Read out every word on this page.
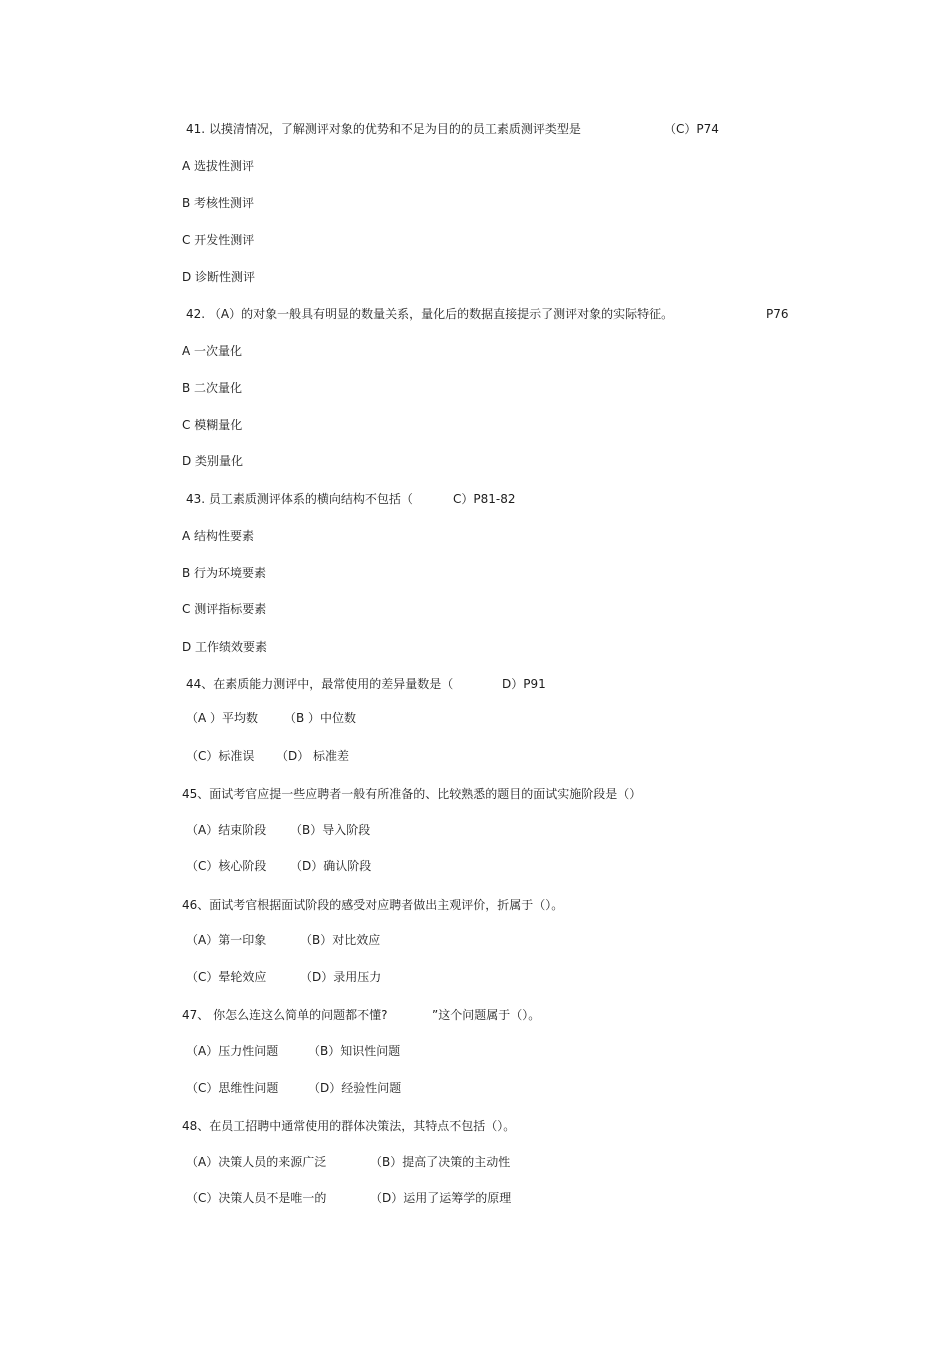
41. 以摸清情况，了解测评对象的优势和不足为目的的员工素质测评类型是	（C）P74
A 选拔性测评
B 考核性测评
C 开发性测评
D 诊断性测评
42. （A）的对象一般具有明显的数量关系，量化后的数据直接提示了测评对象的实际特征。	P76
A 一次量化
B 二次量化
C 模糊量化
D 类别量化
43. 员工素质测评体系的横向结构不包括（	C）P81-82
A 结构性要素
B 行为环境要素
C 测评指标要素
D 工作绩效要素
44、在素质能力测评中，最常使用的差异量数是（	D）P91
（A ）平均数 （B ）中位数
（C）标准误 （D） 标准差
45、面试考官应提一些应聘者一般有所准备的、比较熟悉的题目的面试实施阶段是（）
（A）结束阶段 （B）导入阶段
（C）核心阶段 （D）确认阶段
46、面试考官根据面试阶段的感受对应聘者做出主观评价，折属于（）。
（A）第一印象	（B）对比效应
（C）晕轮效应	（D）录用压力
47、 你怎么连这么简单的问题都不懂?	”这个问题属于（）。
（A）压力性问题 （B）知识性问题
（C）思维性问题 （D）经验性问题
48、在员工招聘中通常使用的群体决策法，其特点不包括（）。
（A）决策人员的来源广泛	（B）提高了决策的主动性
（C）决策人员不是唯一的	（D）运用了运筹学的原理
